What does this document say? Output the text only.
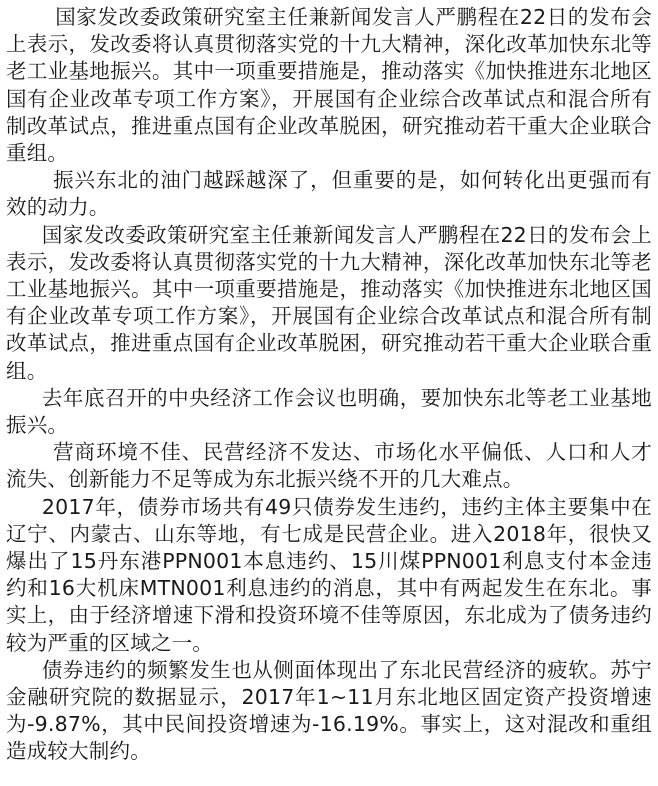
国家发改委政策研究室主任兼新闻发言人严鹏程在22日的发布会上表示，发改委将认真贯彻落实党的十九大精神，深化改革加快东北等老工业基地振兴。其中一项重要措施是，推动落实《加快推进东北地区国有企业改革专项工作方案》，开展国有企业综合改革试点和混合所有制改革试点，推进重点国有企业改革脱困，研究推动若干重大企业联合重组。

振兴东北的油门越踩越深了，但重要的是，如何转化出更强而有效的动力。

国家发改委政策研究室主任兼新闻发言人严鹏程在22日的发布会上表示，发改委将认真贯彻落实党的十九大精神，深化改革加快东北等老工业基地振兴。其中一项重要措施是，推动落实《加快推进东北地区国有企业改革专项工作方案》，开展国有企业综合改革试点和混合所有制改革试点，推进重点国有企业改革脱困，研究推动若干重大企业联合重组。

去年底召开的中央经济工作会议也明确，要加快东北等老工业基地振兴。

营商环境不佳、民营经济不发达、市场化水平偏低、人口和人才流失、创新能力不足等成为东北振兴绕不开的几大难点。

2017年，债券市场共有49只债券发生违约，违约主体主要集中在辽宁、内蒙古、山东等地，有七成是民营企业。进入2018年，很快又爆出了15丹东港PPN001本息违约、15川煤PPN001利息支付本金违约和16大机床MTN001利息违约的消息，其中有两起发生在东北。事实上，由于经济增速下滑和投资环境不佳等原因，东北成为了债务违约较为严重的区域之一。

债券违约的频繁发生也从侧面体现出了东北民营经济的疲软。苏宁金融研究院的数据显示，2017年1~11月东北地区固定资产投资增速为-9.87%，其中民间投资增速为-16.19%。事实上，这对混改和重组造成较大制约。
